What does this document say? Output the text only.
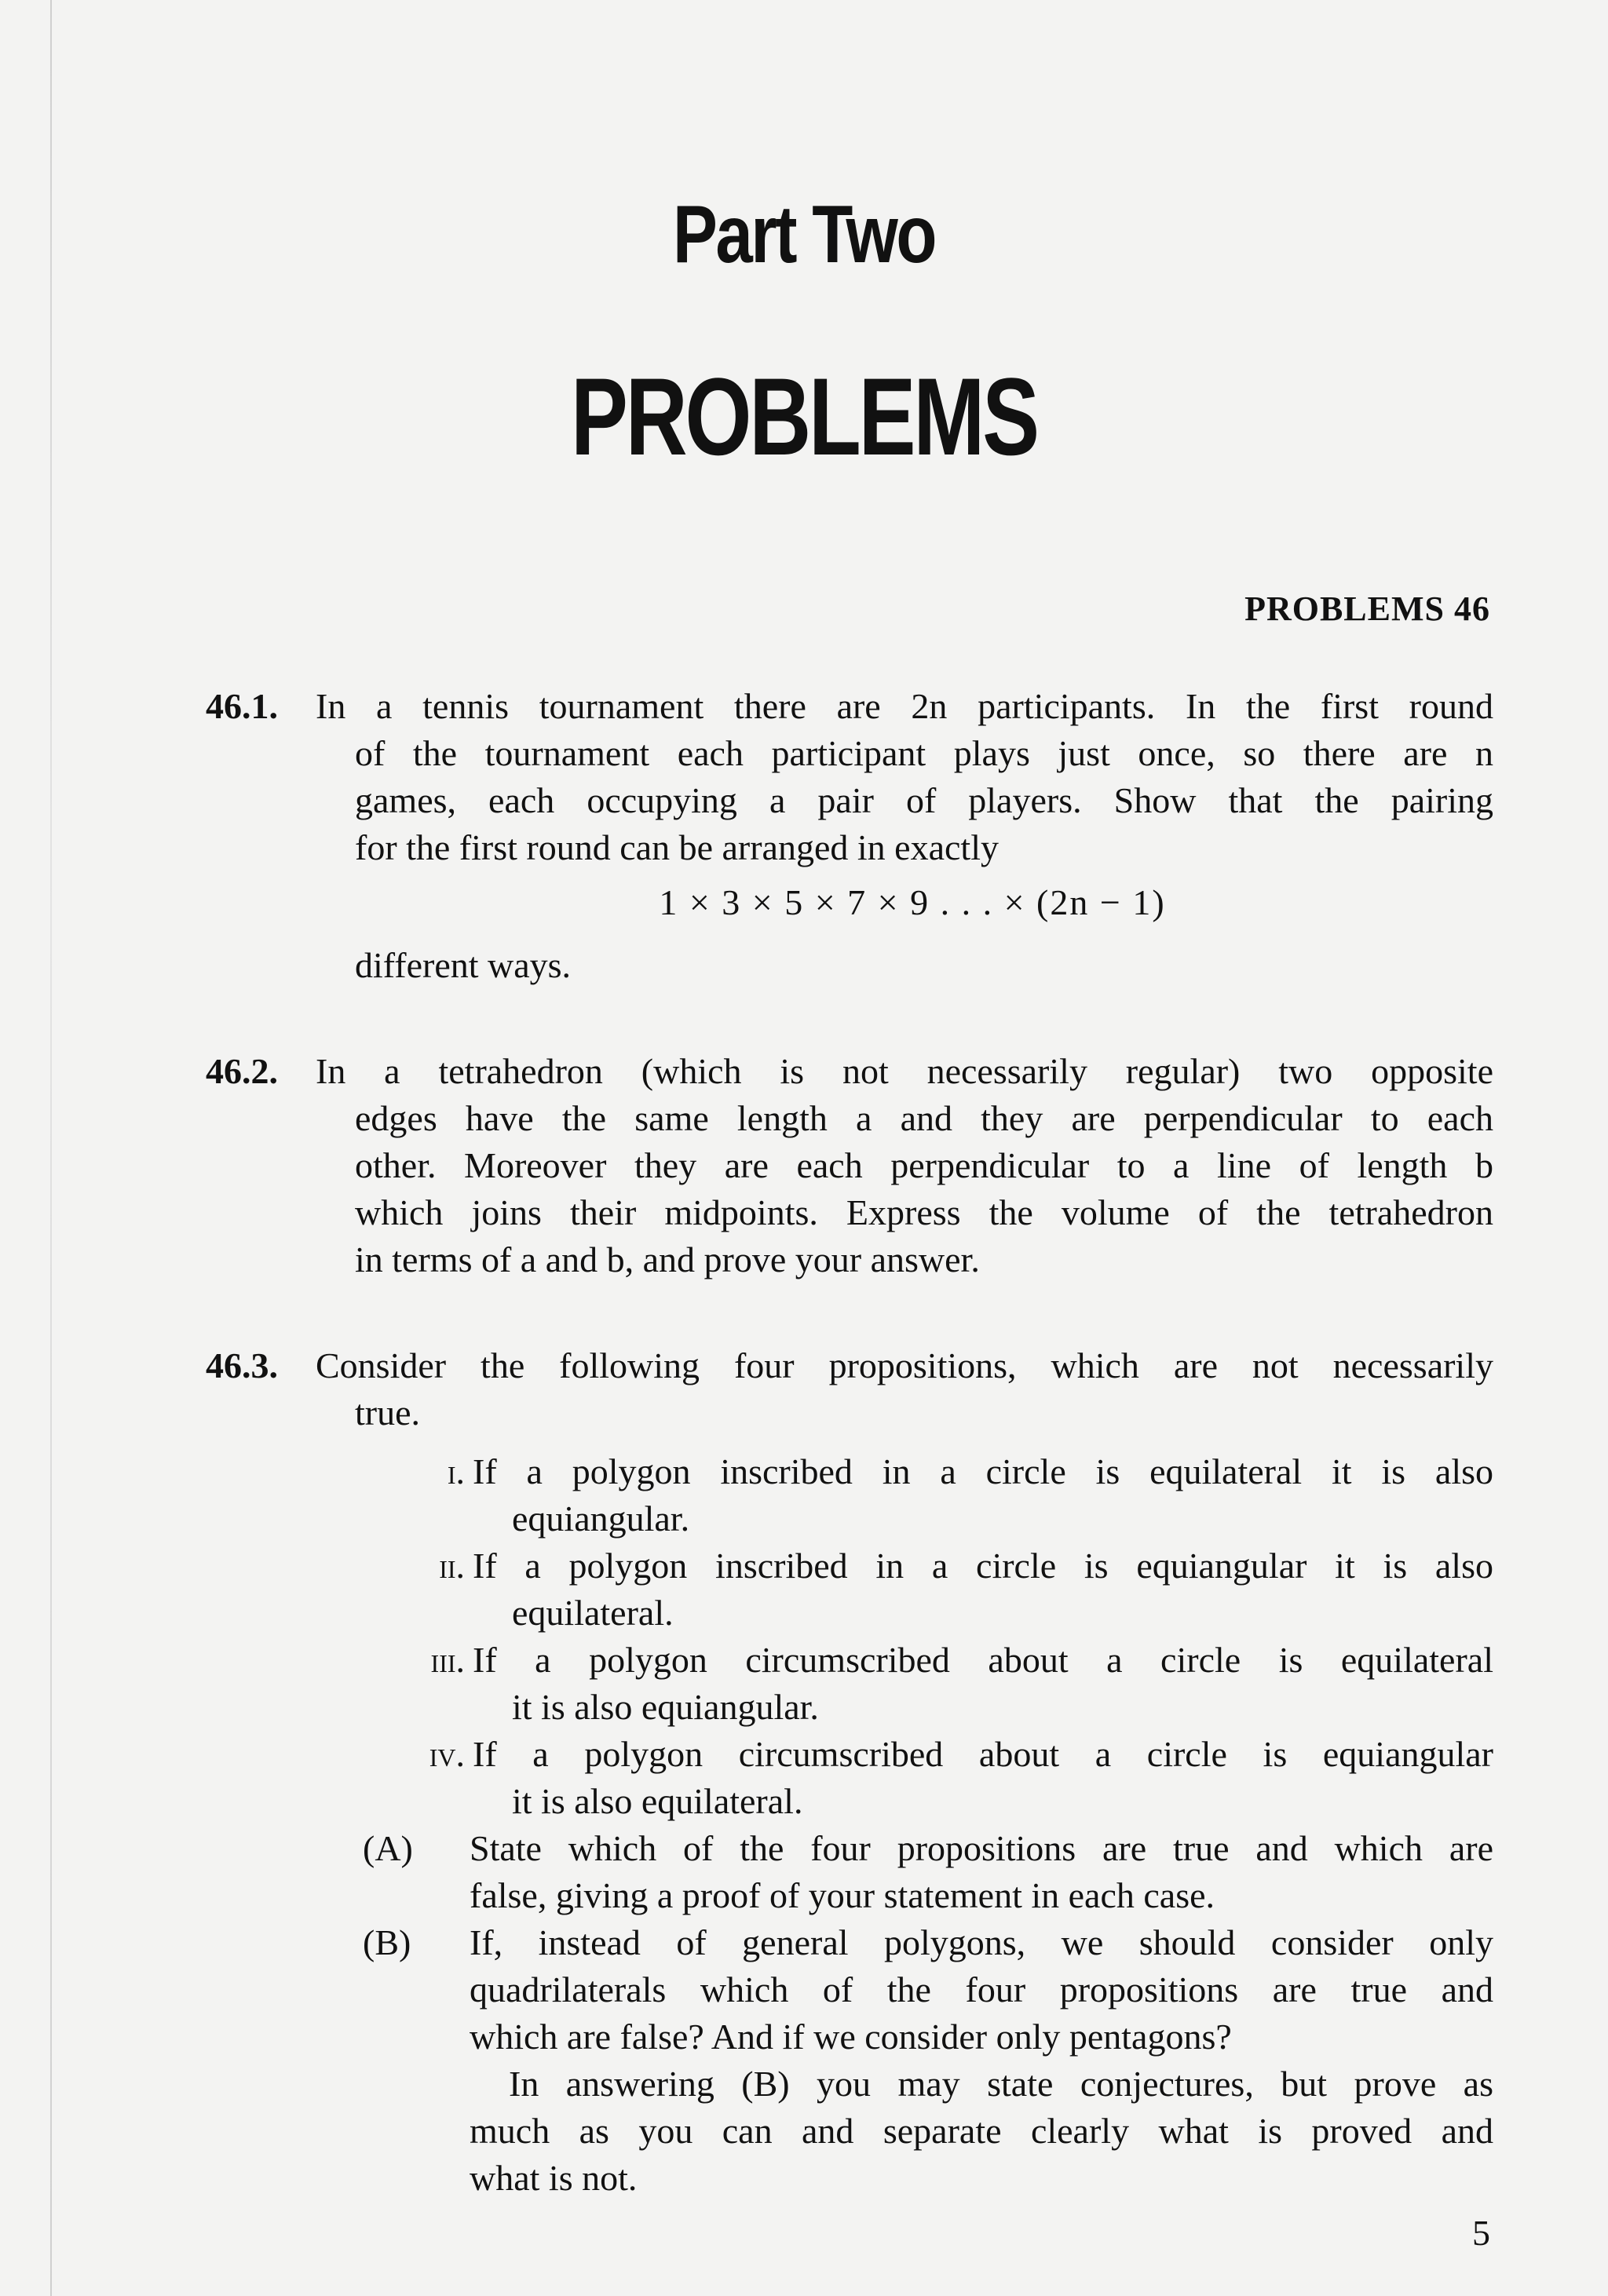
Part Two
PROBLEMS
PROBLEMS 46
46.1. In a tennis tournament there are 2n participants. In the first round
of the tournament each participant plays just once, so there are n
games, each occupying a pair of players. Show that the pairing
for the first round can be arranged in exactly
1 × 3 × 5 × 7 × 9 . . . × (2n − 1)
different ways.
46.2. In a tetrahedron (which is not necessarily regular) two opposite
edges have the same length a and they are perpendicular to each
other. Moreover they are each perpendicular to a line of length b
which joins their midpoints. Express the volume of the tetrahedron
in terms of a and b, and prove your answer.
46.3. Consider the following four propositions, which are not necessarily
true.
i. If a polygon inscribed in a circle is equilateral it is also
equiangular.
ii. If a polygon inscribed in a circle is equiangular it is also
equilateral.
iii. If a polygon circumscribed about a circle is equilateral
it is also equiangular.
iv. If a polygon circumscribed about a circle is equiangular
it is also equilateral.
(A) State which of the four propositions are true and which are
false, giving a proof of your statement in each case.
(B) If, instead of general polygons, we should consider only
quadrilaterals which of the four propositions are true and
which are false? And if we consider only pentagons?
In answering (B) you may state conjectures, but prove as
much as you can and separate clearly what is proved and
what is not.
5
